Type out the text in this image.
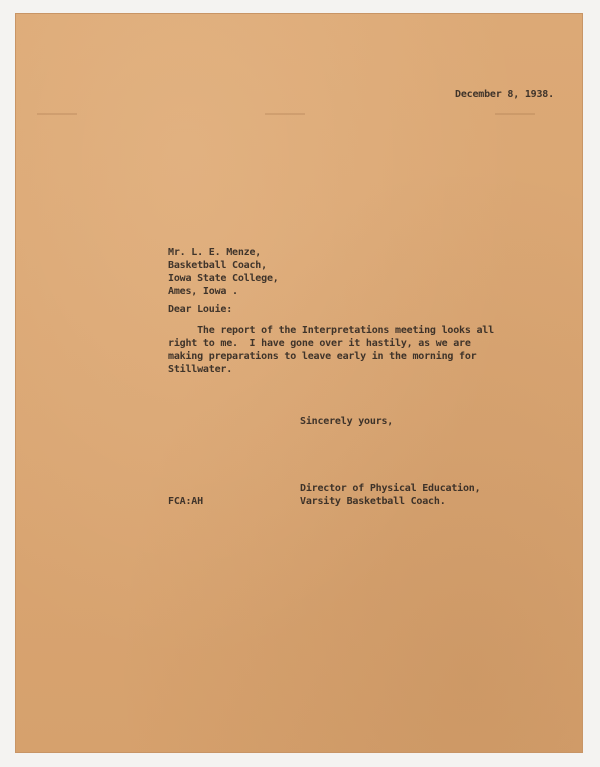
December 8, 1938.
Mr. L. E. Menze,
Basketball Coach,
Iowa State College,
Ames, Iowa .
Dear Louie:
The report of the Interpretations meeting looks all
right to me.  I have gone over it hastily, as we are
making preparations to leave early in the morning for
Stillwater.
Sincerely yours,
Director of Physical Education,
Varsity Basketball Coach.
FCA:AH
